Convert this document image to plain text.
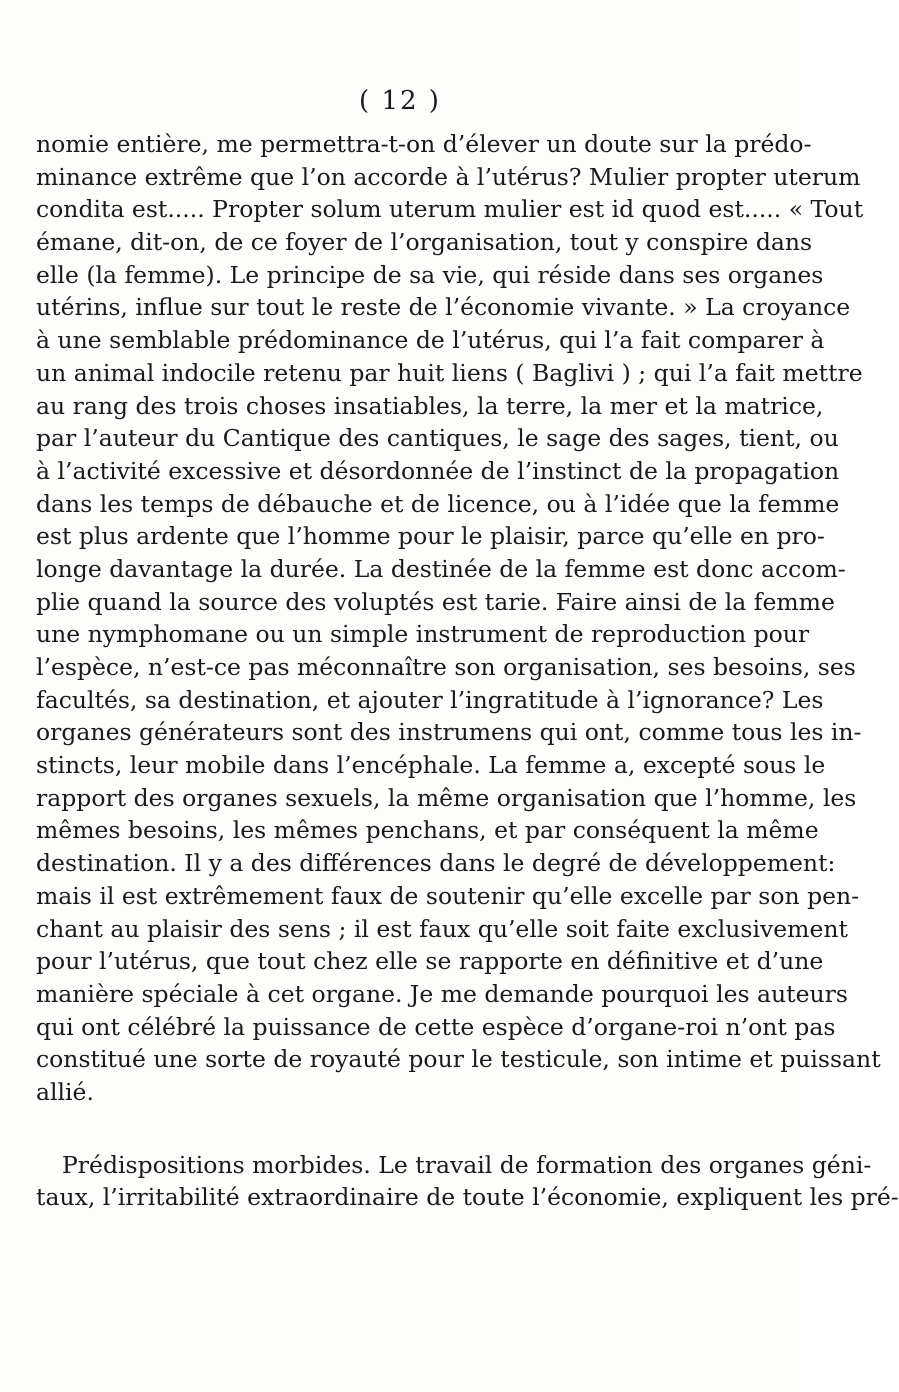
( 12 )
nomie entière, me permettra-t-on d’élever un doute sur la prédo-
minance extrême que l’on accorde à l’utérus? Mulier propter uterum
condita est..... Propter solum uterum mulier est id quod est..... « Tout
émane, dit-on, de ce foyer de l’organisation, tout y conspire dans
elle (la femme). Le principe de sa vie, qui réside dans ses organes
utérins, influe sur tout le reste de l’économie vivante. » La croyance
à une semblable prédominance de l’utérus, qui l’a fait comparer à
un animal indocile retenu par huit liens ( Baglivi ) ; qui l’a fait mettre
au rang des trois choses insatiables, la terre, la mer et la matrice,
par l’auteur du Cantique des cantiques, le sage des sages, tient, ou
à l’activité excessive et désordonnée de l’instinct de la propagation
dans les temps de débauche et de licence, ou à l’idée que la femme
est plus ardente que l’homme pour le plaisir, parce qu’elle en pro-
longe davantage la durée. La destinée de la femme est donc accom-
plie quand la source des voluptés est tarie. Faire ainsi de la femme
une nymphomane ou un simple instrument de reproduction pour
l’espèce, n’est-ce pas méconnaître son organisation, ses besoins, ses
facultés, sa destination, et ajouter l’ingratitude à l’ignorance? Les
organes générateurs sont des instrumens qui ont, comme tous les in-
stincts, leur mobile dans l’encéphale. La femme a, excepté sous le
rapport des organes sexuels, la même organisation que l’homme, les
mêmes besoins, les mêmes penchans, et par conséquent la même
destination. Il y a des différences dans le degré de développement:
mais il est extrêmement faux de soutenir qu’elle excelle par son pen-
chant au plaisir des sens ; il est faux qu’elle soit faite exclusivement
pour l’utérus, que tout chez elle se rapporte en définitive et d’une
manière spéciale à cet organe. Je me demande pourquoi les auteurs
qui ont célébré la puissance de cette espèce d’organe-roi n’ont pas
constitué une sorte de royauté pour le testicule, son intime et puissant
allié.
Prédispositions morbides. Le travail de formation des organes géni-
taux, l’irritabilité extraordinaire de toute l’économie, expliquent les pré-
